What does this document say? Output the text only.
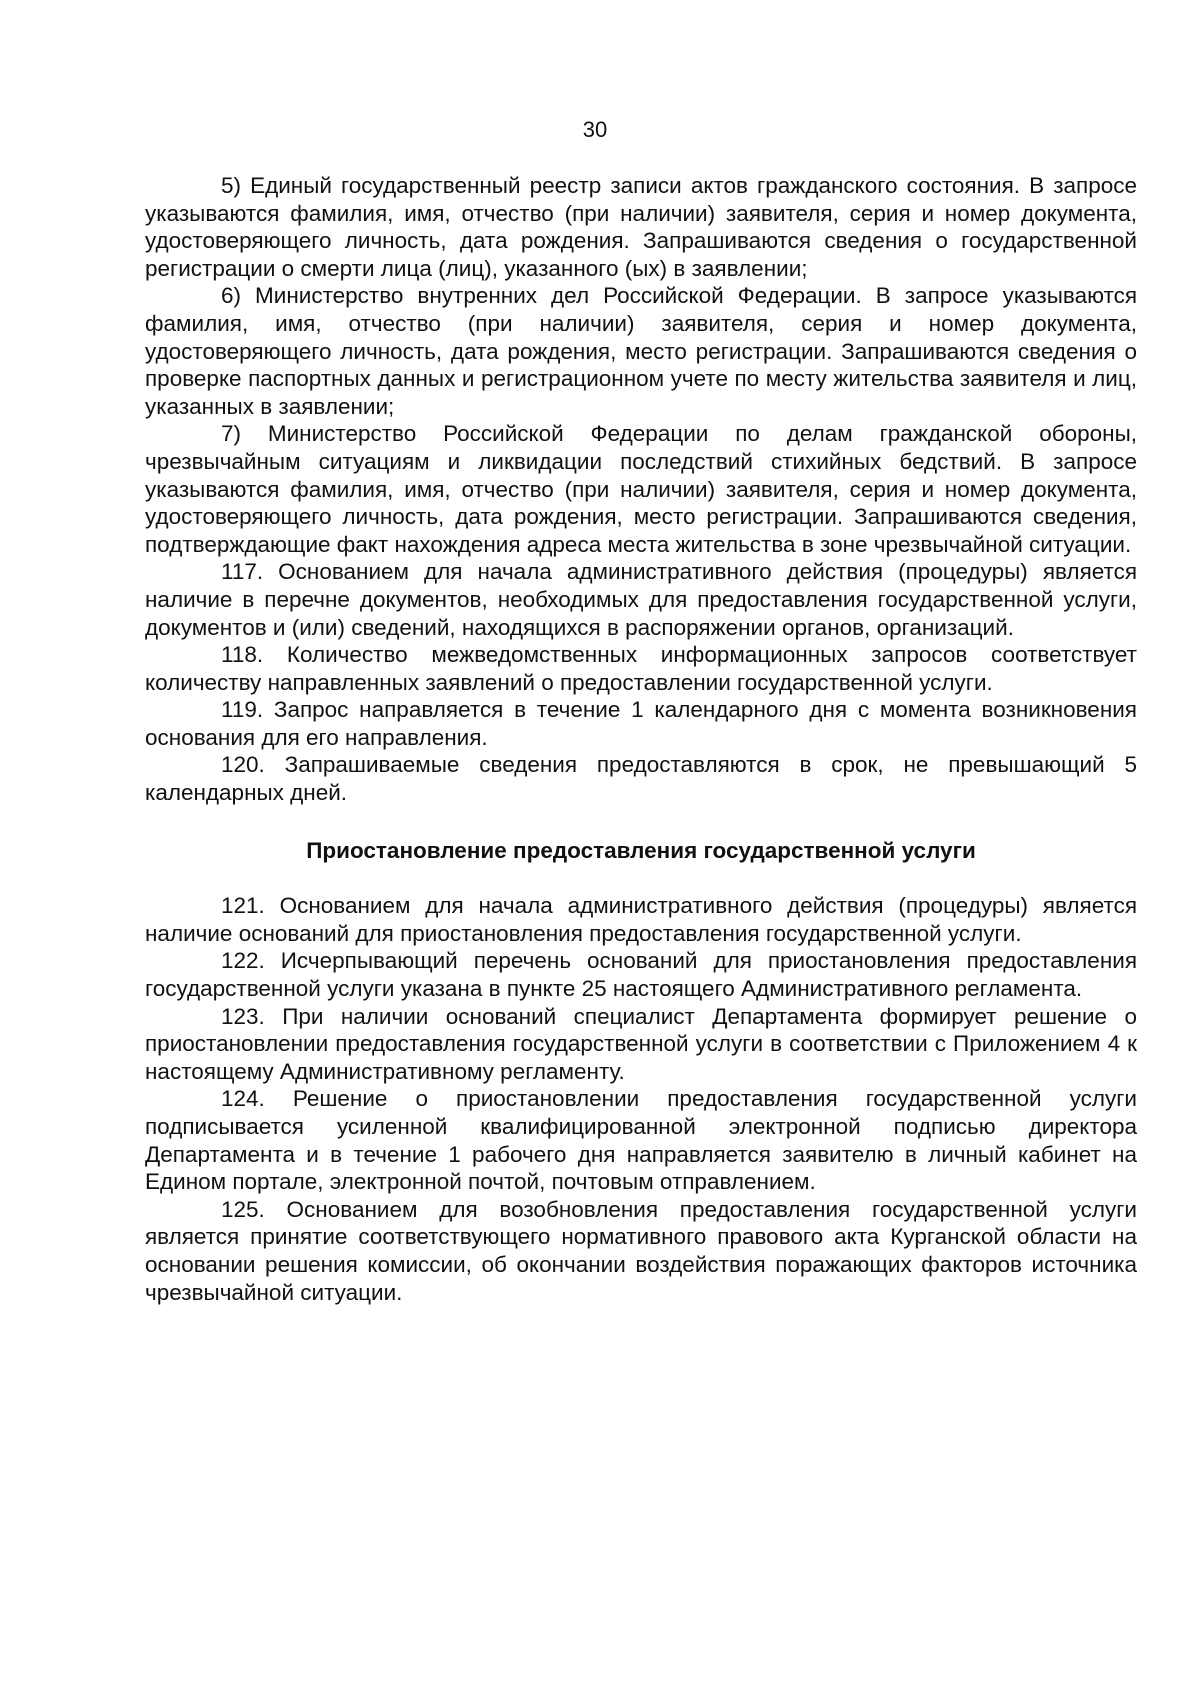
30

5) Единый государственный реестр записи актов гражданского состояния. В запросе указываются фамилия, имя, отчество (при наличии) заявителя, серия и номер документа, удостоверяющего личность, дата рождения. Запрашиваются сведения о государственной регистрации о смерти лица (лиц), указанного (ых) в заявлении;

6) Министерство внутренних дел Российской Федерации. В запросе указываются фамилия, имя, отчество (при наличии) заявителя, серия и номер документа, удостоверяющего личность, дата рождения, место регистрации. Запрашиваются сведения о проверке паспортных данных и регистрационном учете по месту жительства заявителя и лиц, указанных в заявлении;

7) Министерство Российской Федерации по делам гражданской обороны, чрезвычайным ситуациям и ликвидации последствий стихийных бедствий. В запросе указываются фамилия, имя, отчество (при наличии) заявителя, серия и номер документа, удостоверяющего личность, дата рождения, место регистрации. Запрашиваются сведения, подтверждающие факт нахождения адреса места жительства в зоне чрезвычайной ситуации.

117. Основанием для начала административного действия (процедуры) является наличие в перечне документов, необходимых для предоставления государственной услуги, документов и (или) сведений, находящихся в распоряжении органов, организаций.

118. Количество межведомственных информационных запросов соответствует количеству направленных заявлений о предоставлении государственной услуги.

119. Запрос направляется в течение 1 календарного дня с момента возникновения основания для его направления.

120. Запрашиваемые сведения предоставляются в срок, не превышающий 5 календарных дней.

Приостановление предоставления государственной услуги

121. Основанием для начала административного действия (процедуры) является наличие оснований для приостановления предоставления государственной услуги.

122. Исчерпывающий перечень оснований для приостановления предоставления государственной услуги указана в пункте 25 настоящего Административного регламента.

123. При наличии оснований специалист Департамента формирует решение о приостановлении предоставления государственной услуги в соответствии с Приложением 4 к настоящему Административному регламенту.

124. Решение о приостановлении предоставления государственной услуги подписывается усиленной квалифицированной электронной подписью директора Департамента и в течение 1 рабочего дня направляется заявителю в личный кабинет на Едином портале, электронной почтой, почтовым отправлением.

125. Основанием для возобновления предоставления государственной услуги является принятие соответствующего нормативного правового акта Курганской области на основании решения комиссии, об окончании воздействия поражающих факторов источника чрезвычайной ситуации.
